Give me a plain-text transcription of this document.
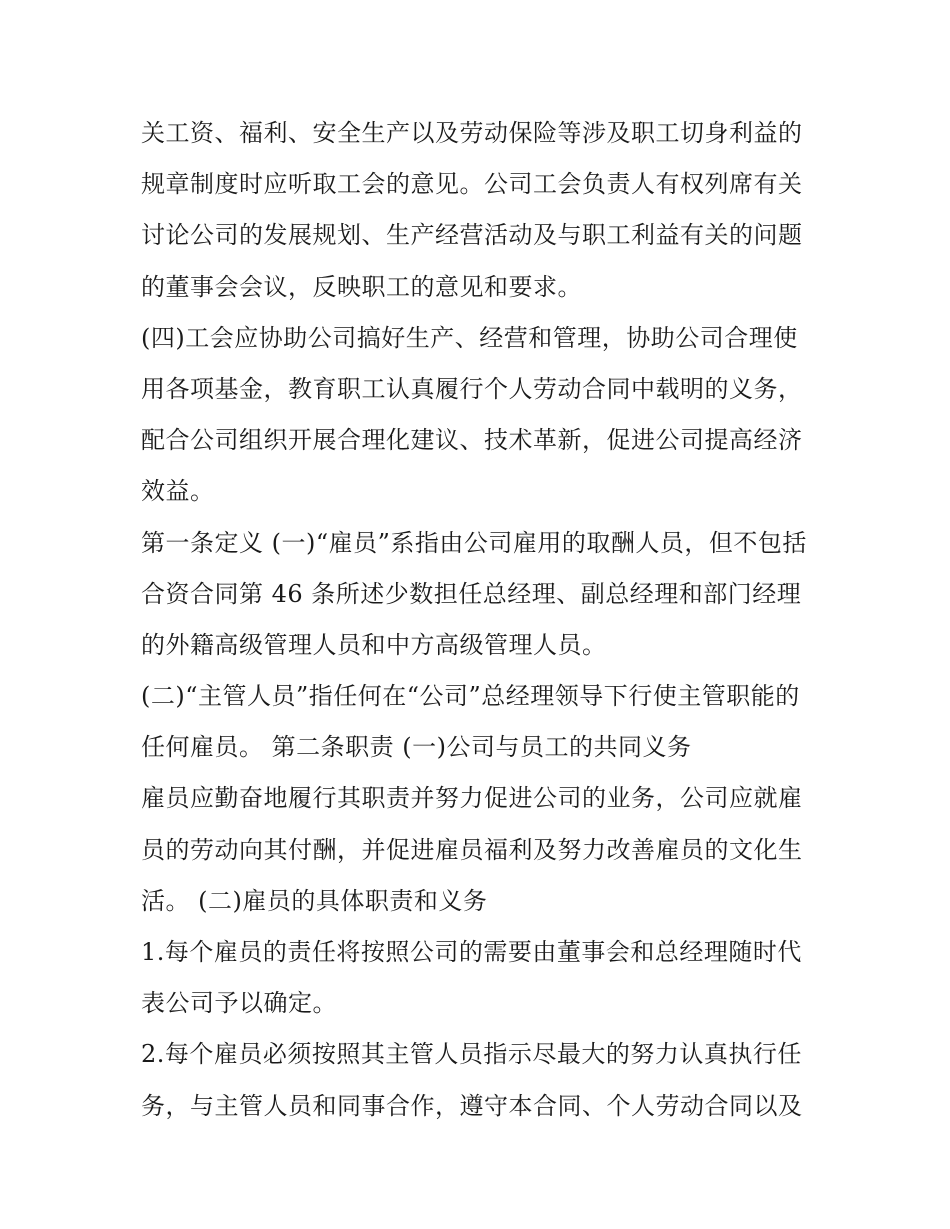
关工资、福利、安全生产以及劳动保险等涉及职工切身利益的
规章制度时应听取工会的意见。公司工会负责人有权列席有关
讨论公司的发展规划、生产经营活动及与职工利益有关的问题
的董事会会议，反映职工的意见和要求。
(四)工会应协助公司搞好生产、经营和管理，协助公司合理使
用各项基金，教育职工认真履行个人劳动合同中载明的义务，
配合公司组织开展合理化建议、技术革新，促进公司提高经济
效益。
第一条定义 (一)“雇员”系指由公司雇用的取酬人员，但不包括
合资合同第 46 条所述少数担任总经理、副总经理和部门经理
的外籍高级管理人员和中方高级管理人员。
(二)“主管人员”指任何在“公司”总经理领导下行使主管职能的
任何雇员。 第二条职责 (一)公司与员工的共同义务
雇员应勤奋地履行其职责并努力促进公司的业务，公司应就雇
员的劳动向其付酬，并促进雇员福利及努力改善雇员的文化生
活。 (二)雇员的具体职责和义务
1.每个雇员的责任将按照公司的需要由董事会和总经理随时代
表公司予以确定。
2.每个雇员必须按照其主管人员指示尽最大的努力认真执行任
务，与主管人员和同事合作，遵守本合同、个人劳动合同以及
